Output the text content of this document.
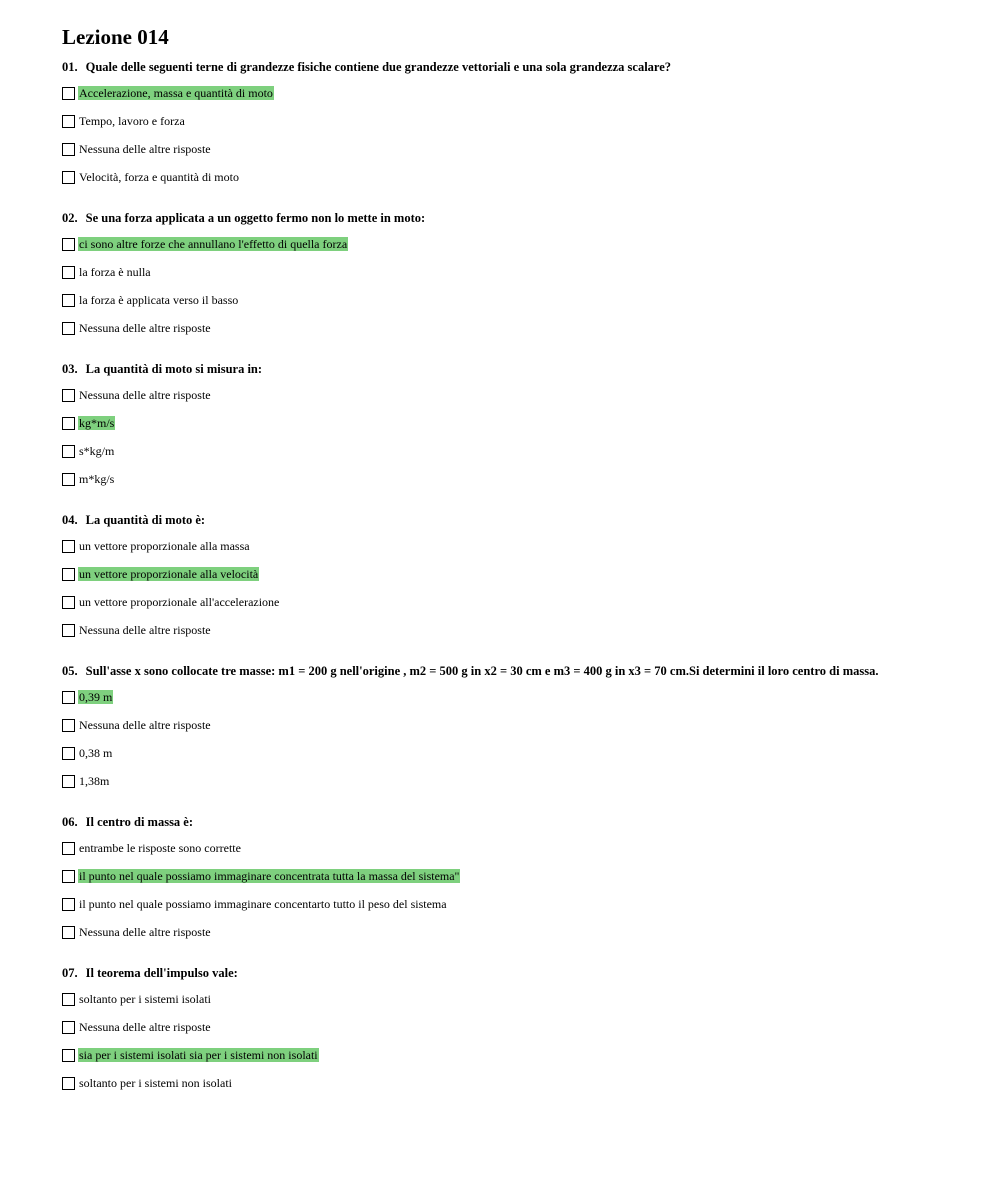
Lezione 014
01. Quale delle seguenti terne di grandezze fisiche contiene due grandezze vettoriali e una sola grandezza scalare?
Accelerazione, massa e quantità di moto
Tempo, lavoro e forza
Nessuna delle altre risposte
Velocità, forza e quantità di moto
02. Se una forza applicata a un oggetto fermo non lo mette in moto:
ci sono altre forze che annullano l'effetto di quella forza
la forza è nulla
la forza è applicata verso il basso
Nessuna delle altre risposte
03. La quantità di moto si misura in:
Nessuna delle altre risposte
kg*m/s
s*kg/m
m*kg/s
04. La quantità di moto è:
un vettore proporzionale alla massa
un vettore proporzionale alla velocità
un vettore proporzionale all'accelerazione
Nessuna delle altre risposte
05. Sull'asse x sono collocate tre masse: m1 = 200 g nell'origine , m2 = 500 g in x2 = 30 cm e m3 = 400 g in x3 = 70 cm.Si determini il loro centro di massa.
0,39 m
Nessuna delle altre risposte
0,38 m
1,38m
06. Il centro di massa è:
entrambe le risposte sono corrette
il punto nel quale possiamo immaginare concentrata tutta la massa del sistema"
il punto nel quale possiamo immaginare concentarto tutto il peso del sistema
Nessuna delle altre risposte
07. Il teorema dell'impulso vale:
soltanto per i sistemi isolati
Nessuna delle altre risposte
sia per i sistemi isolati sia per i sistemi non isolati
soltanto per i sistemi non isolati
